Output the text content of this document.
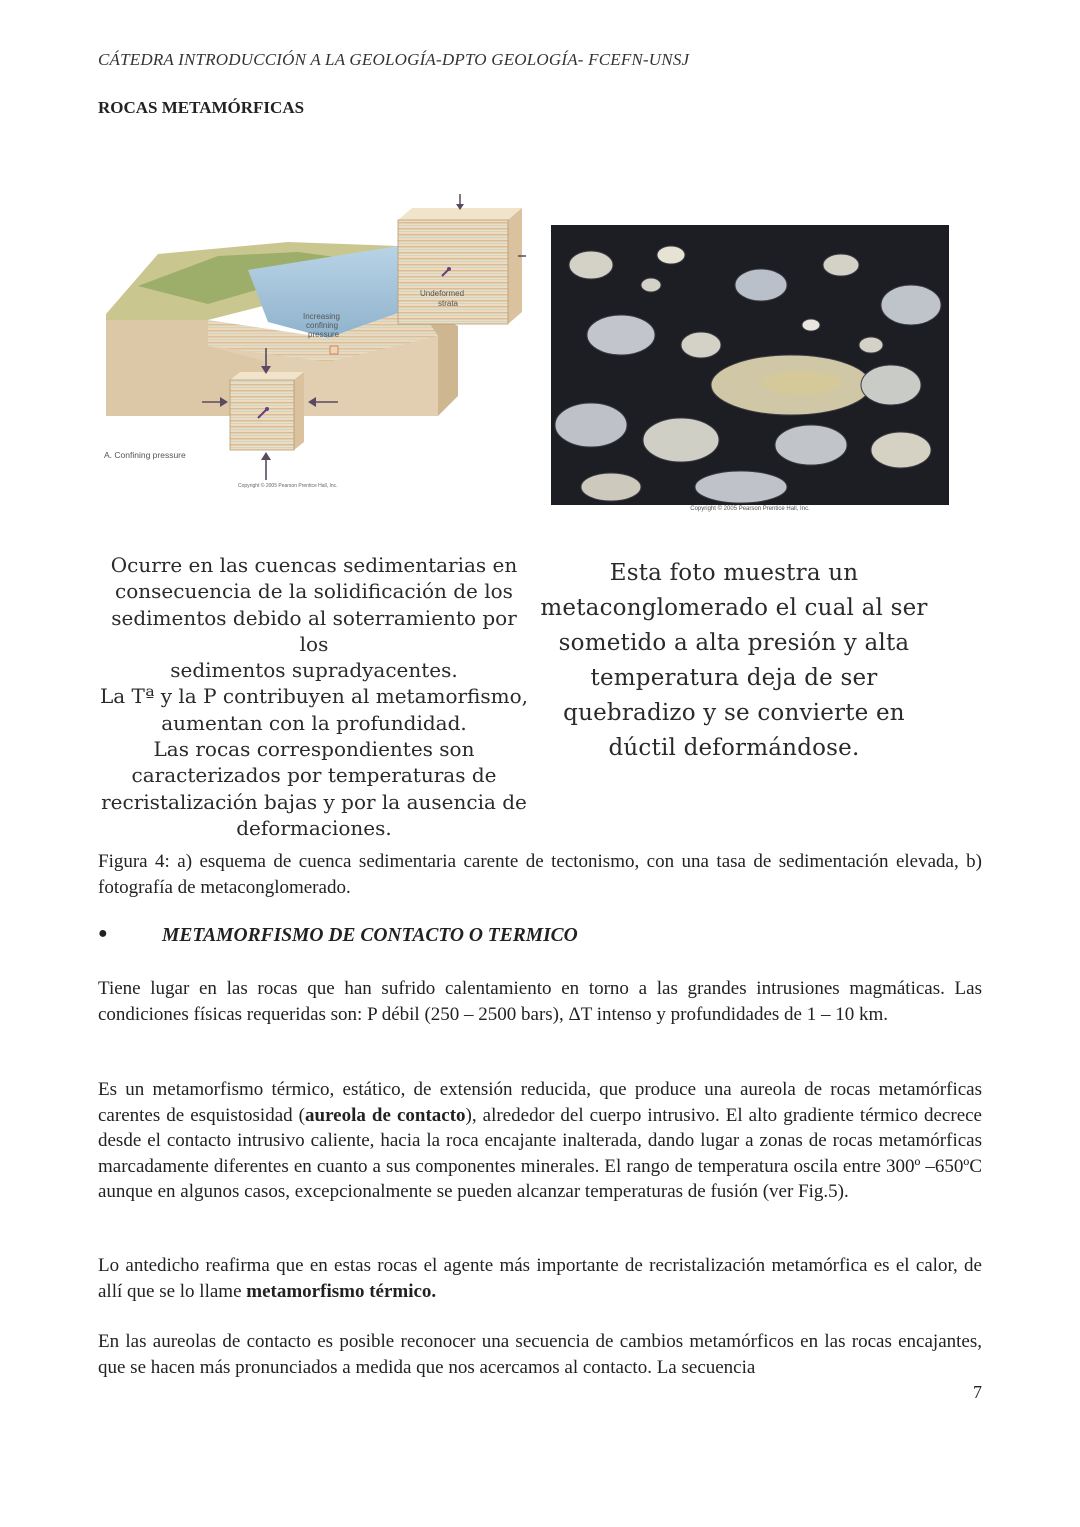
CÁTEDRA INTRODUCCIÓN A LA GEOLOGÍA-DPTO GEOLOGÍA- FCEFN-UNSJ
ROCAS METAMÓRFICAS
Undeformed
strata
Increasing
confining
pressure
A. Confining pressure
Copyright © 2005 Pearson Prentice Hall, Inc.
Copyright © 2005 Pearson Prentice Hall, Inc.
Ocurre en las cuencas sedimentarias en
consecuencia de la solidificación de los
sedimentos debido al soterramiento por los
sedimentos supradyacentes.
La Tª y la P contribuyen al metamorfismo,
aumentan con la profundidad.
Las rocas correspondientes son
caracterizados por temperaturas de
recristalización bajas y por la ausencia de
deformaciones.
Esta foto muestra un
metaconglomerado el cual al ser
sometido a alta presión y alta
temperatura deja de ser
quebradizo y se convierte en
dúctil deformándose.
Figura 4: a) esquema de cuenca sedimentaria carente de tectonismo, con una tasa de sedimentación elevada, b) fotografía de metaconglomerado.
●	METAMORFISMO DE CONTACTO O TERMICO
Tiene lugar en las rocas que han sufrido calentamiento en torno a las grandes intrusiones magmáticas. Las condiciones físicas requeridas son: P débil (250 – 2500 bars), ΔT intenso y profundidades de 1 – 10 km.
Es un metamorfismo térmico, estático, de extensión reducida, que produce una aureola de rocas metamórficas carentes de esquistosidad (aureola de contacto), alrededor del cuerpo intrusivo. El alto gradiente térmico decrece desde el contacto intrusivo caliente, hacia la roca encajante inalterada, dando lugar a zonas de rocas metamórficas marcadamente diferentes en cuanto a sus componentes minerales. El rango de temperatura oscila entre 300º –650ºC aunque en algunos casos, excepcionalmente se pueden alcanzar temperaturas de fusión (ver Fig.5).
Lo antedicho reafirma que en estas rocas el agente más importante de recristalización metamórfica es el calor, de allí que se lo llame metamorfismo térmico.
En las aureolas de contacto es posible reconocer una secuencia de cambios metamórficos en las rocas encajantes, que se hacen más pronunciados a medida que nos acercamos al contacto. La secuencia
7
